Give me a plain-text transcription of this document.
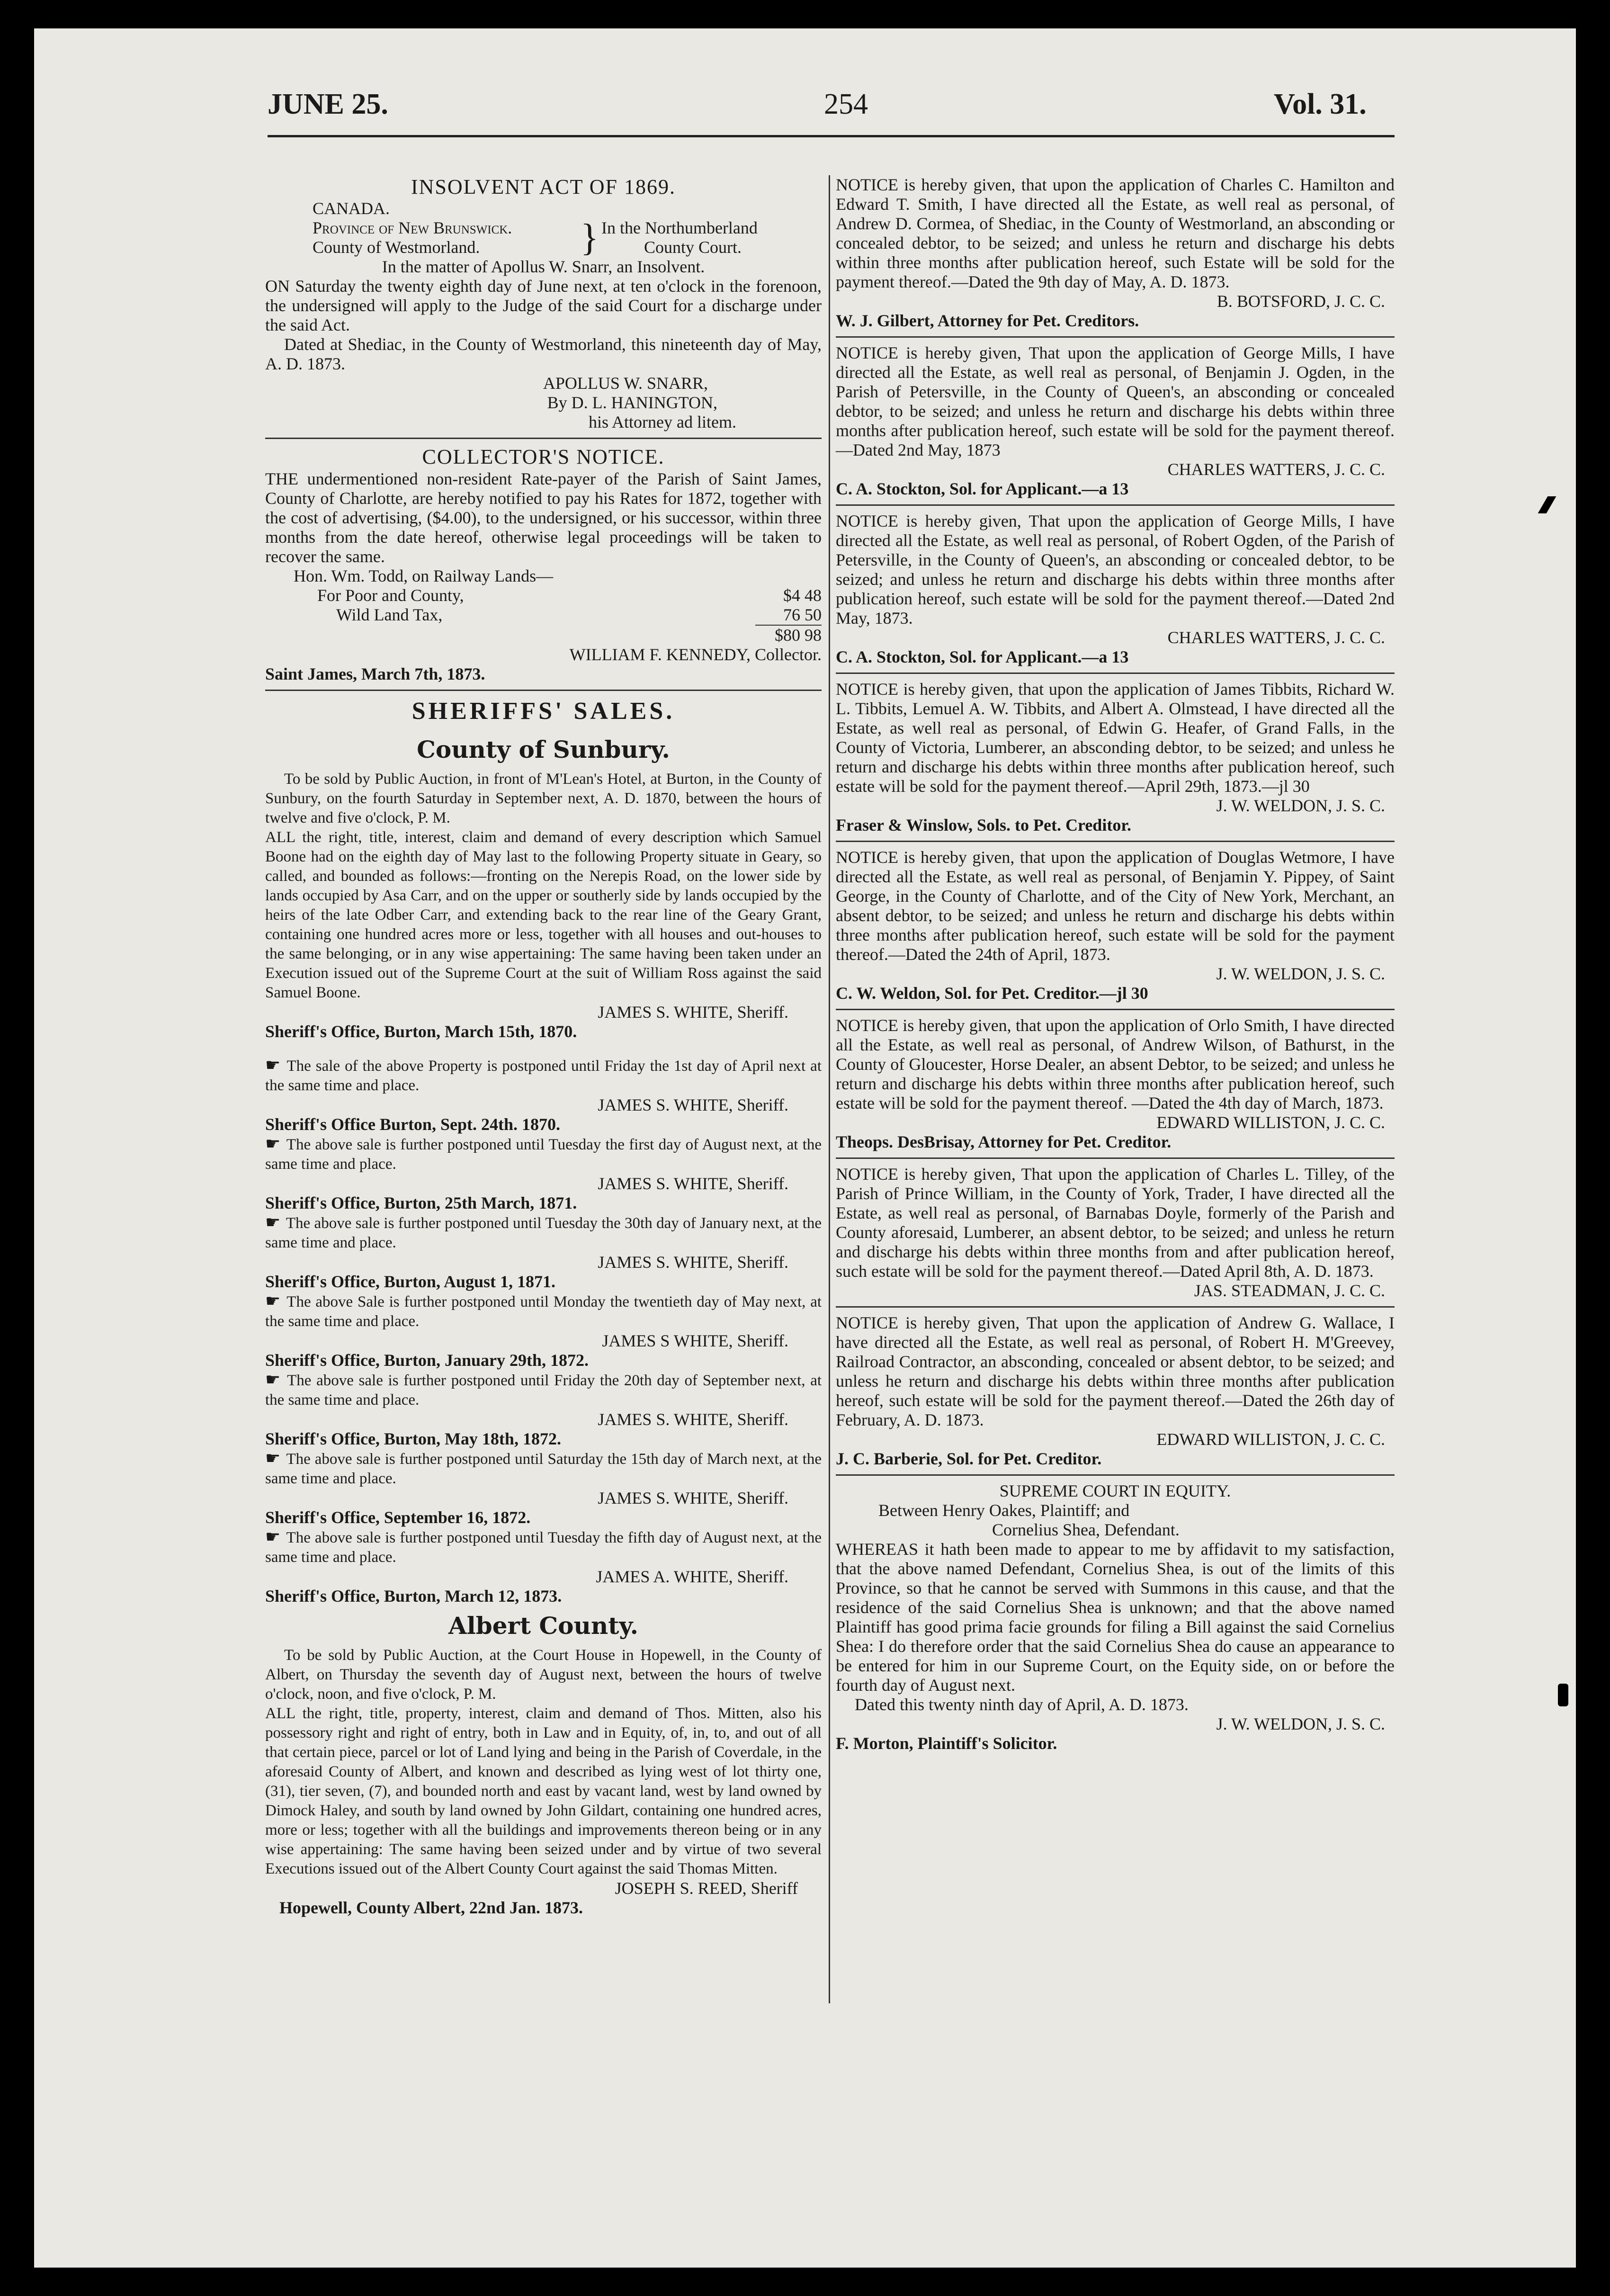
JUNE 25.	254	Vol. 31.

INSOLVENT ACT OF 1869.

CANADA.

Province of New Brunswick.

County of Westmorland.	} In the Northumberland

County Court.

In the matter of Apollus W. Snarr, an Insolvent.

ON Saturday the twenty eighth day of June next, at ten o'clock in the forenoon, the undersigned will apply to the Judge of the said Court for a discharge under the said Act.

Dated at Shediac, in the County of Westmorland, this nineteenth day of May, A. D. 1873.

APOLLUS W. SNARR,

By D. L. HANINGTON,

his Attorney ad litem.

COLLECTOR'S NOTICE.

THE undermentioned non-resident Rate-payer of the Parish of Saint James, County of Charlotte, are hereby notified to pay his Rates for 1872, together with the cost of advertising, ($4.00), to the undersigned, or his successor, within three months from the date hereof, otherwise legal proceedings will be taken to recover the same.

Hon. Wm. Todd, on Railway Lands—

For Poor and County,	$4 48
Wild Land Tax,	76 50
$80 98

WILLIAM F. KENNEDY, Collector.

Saint James, March 7th, 1873.

SHERIFFS' SALES.

County of Sunbury.

To be sold by Public Auction, in front of M'Lean's Hotel, at Burton, in the County of Sunbury, on the fourth Saturday in September next, A. D. 1870, between the hours of twelve and five o'clock, P. M.

ALL the right, title, interest, claim and demand of every description which Samuel Boone had on the eighth day of May last to the following Property situate in Geary, so called, and bounded as follows:—fronting on the Nerepis Road, on the lower side by lands occupied by Asa Carr, and on the upper or southerly side by lands occupied by the heirs of the late Odber Carr, and extending back to the rear line of the Geary Grant, containing one hundred acres more or less, together with all houses and out-houses to the same belonging, or in any wise appertaining: The same having been taken under an Execution issued out of the Supreme Court at the suit of William Ross against the said Samuel Boone.

JAMES S. WHITE, Sheriff.

Sheriff's Office, Burton, March 15th, 1870.

☛ The sale of the above Property is postponed until Friday the 1st day of April next at the same time and place.

JAMES S. WHITE, Sheriff.

Sheriff's Office Burton, Sept. 24th. 1870.

☛ The above sale is further postponed until Tuesday the first day of August next, at the same time and place.

JAMES S. WHITE, Sheriff.

Sheriff's Office, Burton, 25th March, 1871.

☛ The above sale is further postponed until Tuesday the 30th day of January next, at the same time and place.

JAMES S. WHITE, Sheriff.

Sheriff's Office, Burton, August 1, 1871.

☛ The above Sale is further postponed until Monday the twentieth day of May next, at the same time and place.

JAMES S WHITE, Sheriff.

Sheriff's Office, Burton, January 29th, 1872.

☛ The above sale is further postponed until Friday the 20th day of September next, at the same time and place.

JAMES S. WHITE, Sheriff.

Sheriff's Office, Burton, May 18th, 1872.

☛ The above sale is further postponed until Saturday the 15th day of March next, at the same time and place.

JAMES S. WHITE, Sheriff.

Sheriff's Office, September 16, 1872.

☛ The above sale is further postponed until Tuesday the fifth day of August next, at the same time and place.

JAMES A. WHITE, Sheriff.

Sheriff's Office, Burton, March 12, 1873.

Albert County.

To be sold by Public Auction, at the Court House in Hopewell, in the County of Albert, on Thursday the seventh day of August next, between the hours of twelve o'clock, noon, and five o'clock, P. M.

ALL the right, title, property, interest, claim and demand of Thos. Mitten, also his possessory right and right of entry, both in Law and in Equity, of, in, to, and out of all that certain piece, parcel or lot of Land lying and being in the Parish of Coverdale, in the aforesaid County of Albert, and known and described as lying west of lot thirty one, (31), tier seven, (7), and bounded north and east by vacant land, west by land owned by Dimock Haley, and south by land owned by John Gildart, containing one hundred acres, more or less; together with all the buildings and improvements thereon being or in any wise appertaining: The same having been seized under and by virtue of two several Executions issued out of the Albert County Court against the said Thomas Mitten.

JOSEPH S. REED, Sheriff

Hopewell, County Albert, 22nd Jan. 1873.

NOTICE is hereby given, that upon the application of Charles C. Hamilton and Edward T. Smith, I have directed all the Estate, as well real as personal, of Andrew D. Cormea, of Shediac, in the County of Westmorland, an absconding or concealed debtor, to be seized; and unless he return and discharge his debts within three months after publication hereof, such Estate will be sold for the payment thereof.—Dated the 9th day of May, A. D. 1873.

B. BOTSFORD, J. C. C.

W. J. Gilbert, Attorney for Pet. Creditors.

NOTICE is hereby given, That upon the application of George Mills, I have directed all the Estate, as well real as personal, of Benjamin J. Ogden, in the Parish of Petersville, in the County of Queen's, an absconding or concealed debtor, to be seized; and unless he return and discharge his debts within three months after publication hereof, such estate will be sold for the payment thereof.—Dated 2nd May, 1873

CHARLES WATTERS, J. C. C.

C. A. Stockton, Sol. for Applicant.—a 13

NOTICE is hereby given, That upon the application of George Mills, I have directed all the Estate, as well real as personal, of Robert Ogden, of the Parish of Petersville, in the County of Queen's, an absconding or concealed debtor, to be seized; and unless he return and discharge his debts within three months after publication hereof, such estate will be sold for the payment thereof.—Dated 2nd May, 1873.

CHARLES WATTERS, J. C. C.

C. A. Stockton, Sol. for Applicant.—a 13

NOTICE is hereby given, that upon the application of James Tibbits, Richard W. L. Tibbits, Lemuel A. W. Tibbits, and Albert A. Olmstead, I have directed all the Estate, as well real as personal, of Edwin G. Heafer, of Grand Falls, in the County of Victoria, Lumberer, an absconding debtor, to be seized; and unless he return and discharge his debts within three months after publication hereof, such estate will be sold for the payment thereof.—April 29th, 1873.—jl 30

J. W. WELDON, J. S. C.

Fraser & Winslow, Sols. to Pet. Creditor.

NOTICE is hereby given, that upon the application of Douglas Wetmore, I have directed all the Estate, as well real as personal, of Benjamin Y. Pippey, of Saint George, in the County of Charlotte, and of the City of New York, Merchant, an absent debtor, to be seized; and unless he return and discharge his debts within three months after publication hereof, such estate will be sold for the payment thereof.—Dated the 24th of April, 1873.

J. W. WELDON, J. S. C.

C. W. Weldon, Sol. for Pet. Creditor.—jl 30

NOTICE is hereby given, that upon the application of Orlo Smith, I have directed all the Estate, as well real as personal, of Andrew Wilson, of Bathurst, in the County of Gloucester, Horse Dealer, an absent Debtor, to be seized; and unless he return and discharge his debts within three months after publication hereof, such estate will be sold for the payment thereof. —Dated the 4th day of March, 1873.

EDWARD WILLISTON, J. C. C.

Theops. DesBrisay, Attorney for Pet. Creditor.

NOTICE is hereby given, That upon the application of Charles L. Tilley, of the Parish of Prince William, in the County of York, Trader, I have directed all the Estate, as well real as personal, of Barnabas Doyle, formerly of the Parish and County aforesaid, Lumberer, an absent debtor, to be seized; and unless he return and discharge his debts within three months from and after publication hereof, such estate will be sold for the payment thereof.—Dated April 8th, A. D. 1873.

JAS. STEADMAN, J. C. C.

NOTICE is hereby given, That upon the application of Andrew G. Wallace, I have directed all the Estate, as well real as personal, of Robert H. M'Greevey, Railroad Contractor, an absconding, concealed or absent debtor, to be seized; and unless he return and discharge his debts within three months after publication hereof, such estate will be sold for the payment thereof.—Dated the 26th day of February, A. D. 1873.

EDWARD WILLISTON, J. C. C.

J. C. Barberie, Sol. for Pet. Creditor.

SUPREME COURT IN EQUITY.

Between Henry Oakes, Plaintiff; and

Cornelius Shea, Defendant.

WHEREAS it hath been made to appear to me by affidavit to my satisfaction, that the above named Defendant, Cornelius Shea, is out of the limits of this Province, so that he cannot be served with Summons in this cause, and that the residence of the said Cornelius Shea is unknown; and that the above named Plaintiff has good prima facie grounds for filing a Bill against the said Cornelius Shea: I do therefore order that the said Cornelius Shea do cause an appearance to be entered for him in our Supreme Court, on the Equity side, on or before the fourth day of August next.

Dated this twenty ninth day of April, A. D. 1873.

J. W. WELDON, J. S. C.

F. Morton, Plaintiff's Solicitor.
